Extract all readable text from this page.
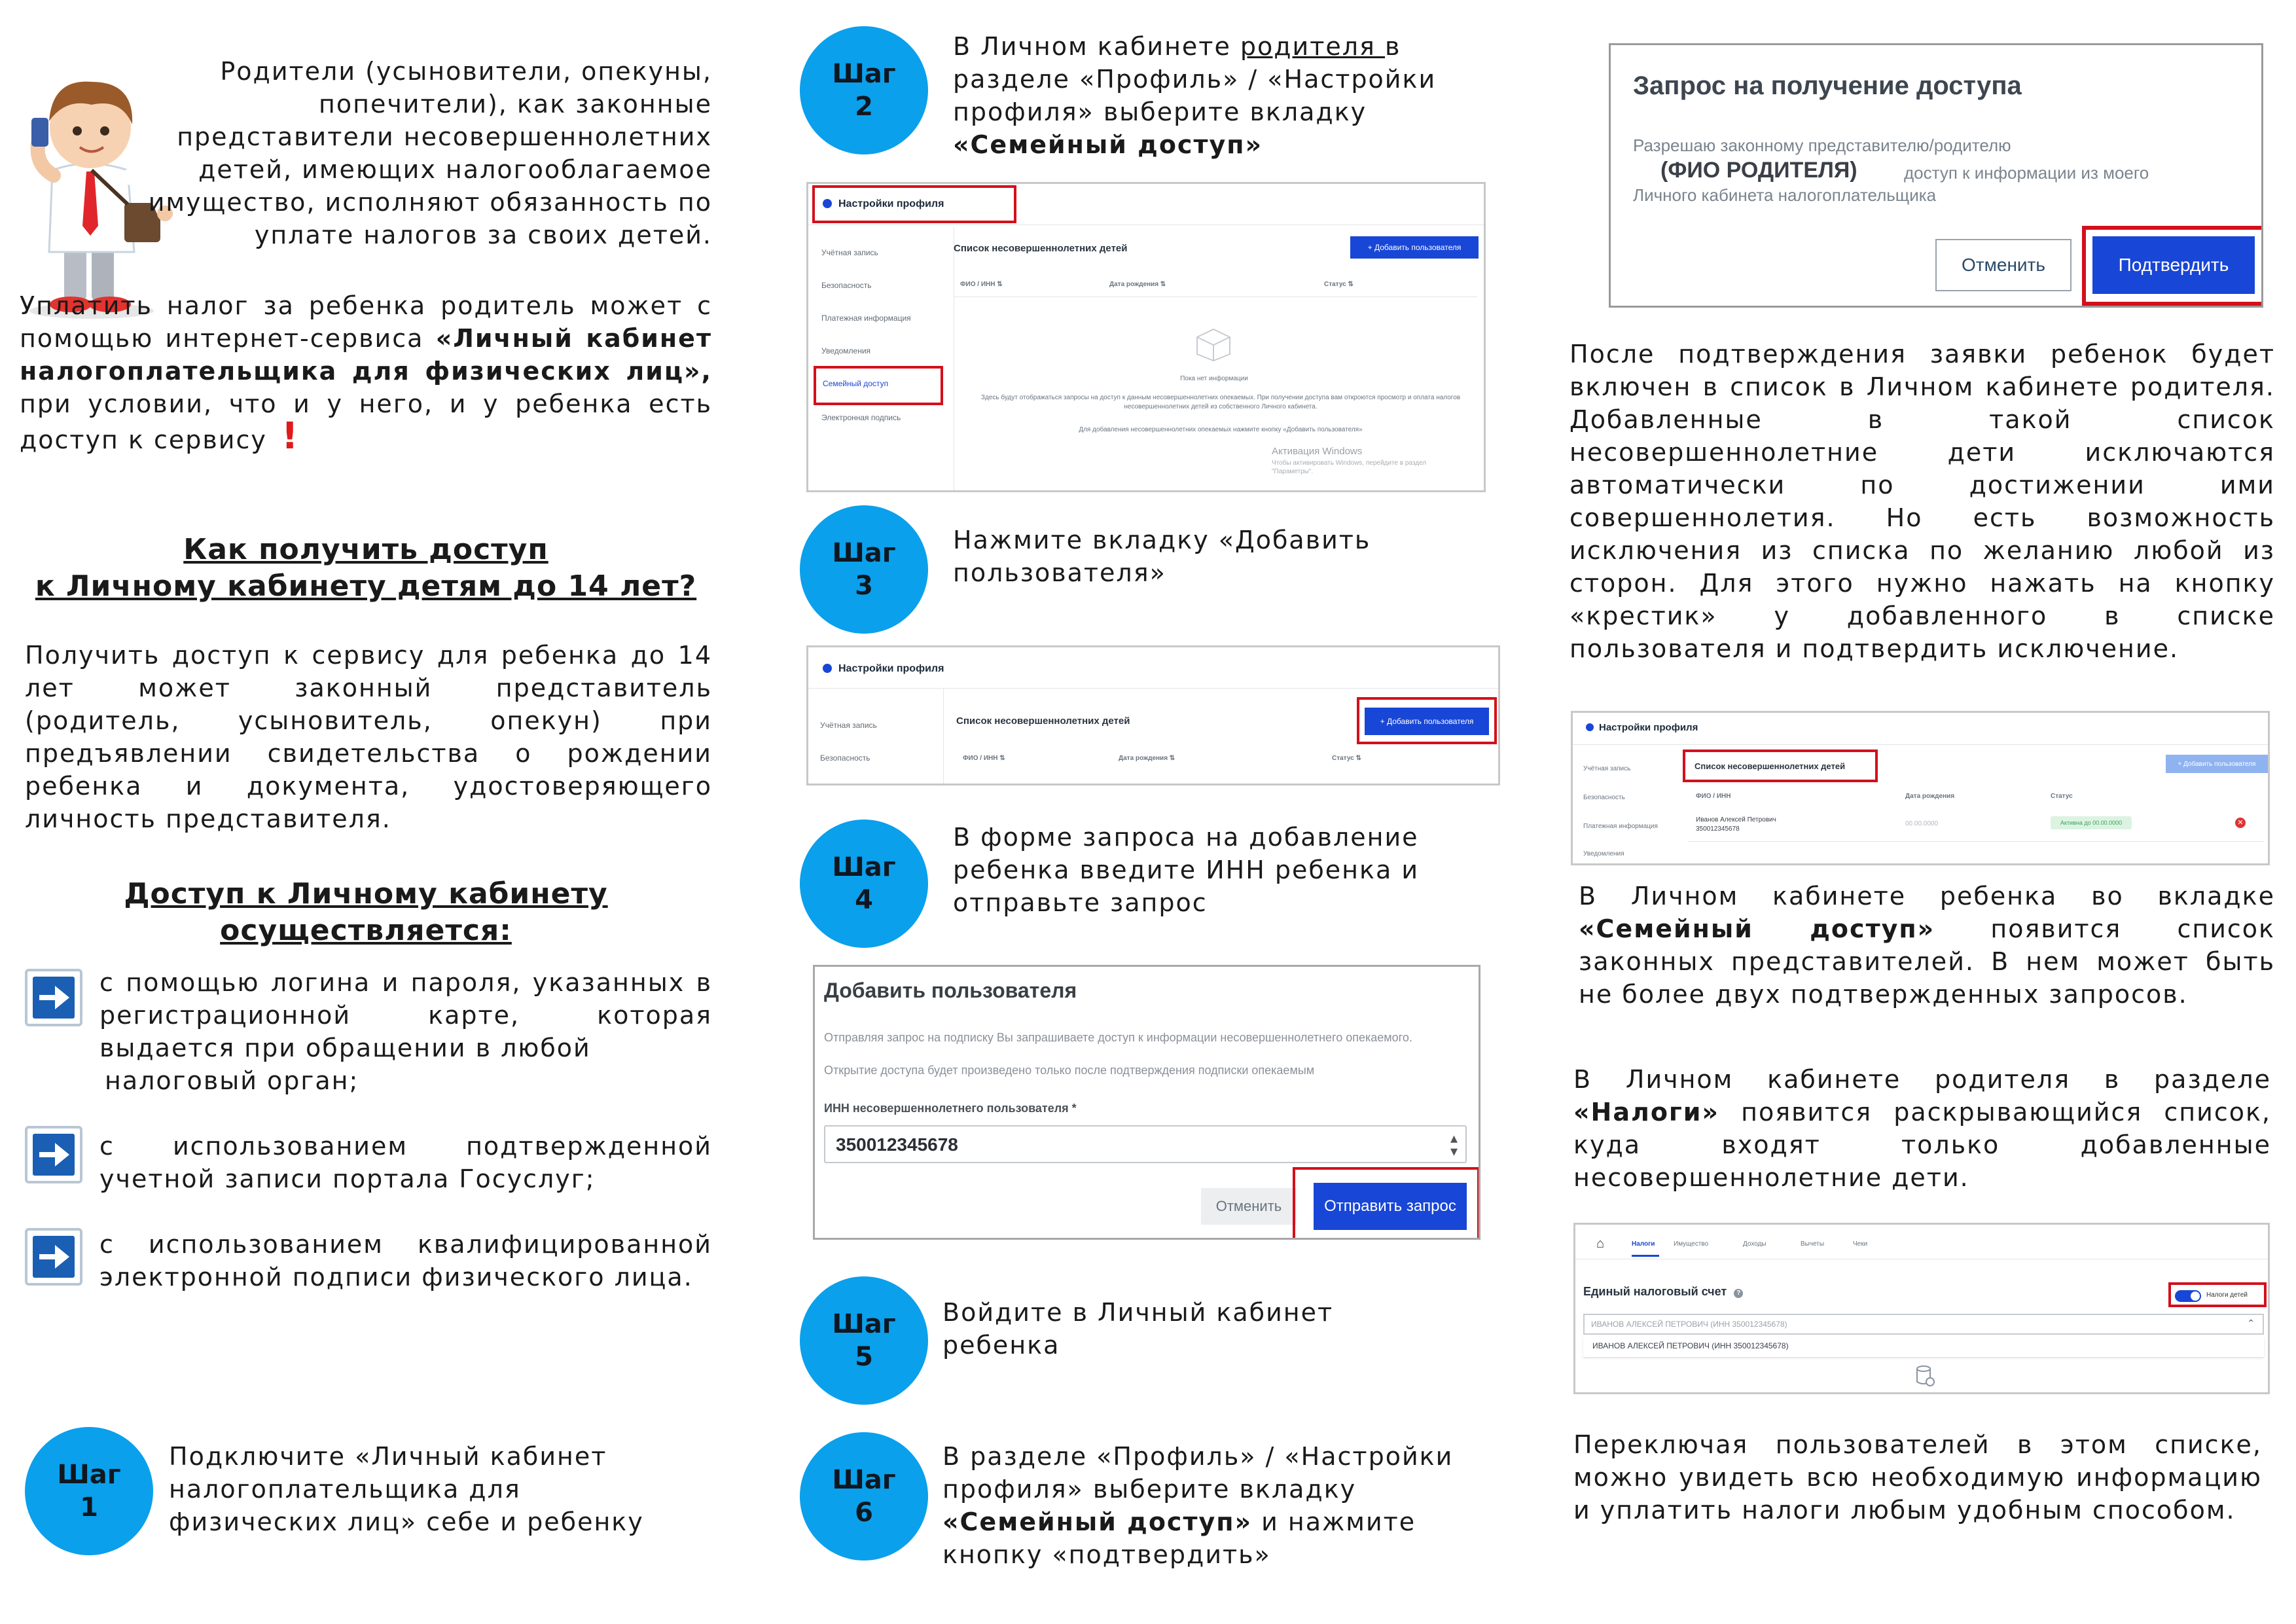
Родители (усыновители, опекуны, попечители), как законные представители несовершеннолетних детей, имеющих налогооблагаемое имущество, исполняют обязанность по уплате налогов за своих детей.
Уплатить налог за ребенка родитель может с помощью интернет-сервиса «Личный кабинет налогоплательщика для физических лиц», при условии, что и у него, и у ребенка есть доступ к сервису !
Как получить доступ
к Личному кабинету детям до 14 лет?
Получить доступ к сервису для ребенка до 14 лет может законный представитель (родитель, усыновитель, опекун) при предъявлении свидетельства о рождении ребенка и документа, удостоверяющего личность представителя.
Доступ к Личному кабинету
осуществляется:
с помощью логина и пароля, указанных в регистрационной карте, которая выдается при обращении в любой
налоговый орган;
с использованием подтвержденной учетной записи портала Госуслуг;
с использованием квалифицированной электронной подписи физического лица.
Шаг
1
Подключите «Личный кабинет налогоплательщика для физических лиц» себе и ребенку
Шаг
2
В Личном кабинете родителя в разделе «Профиль» / «Настройки профиля» выберите вкладку «Семейный доступ»
Настройки профиля
Учётная запись
Безопасность
Платежная информация
Уведомления
Семейный доступ
Электронная подпись
Список несовершеннолетних детей	+ Добавить пользователя
ФИО / ИНН ⇅	Дата рождения ⇅	Статус ⇅
Пока нет информации
Здесь будут отображаться запросы на доступ к данным несовершеннолетних опекаемых. При получении доступа вам откроются просмотр и оплата налогов несовершеннолетних детей из собственного Личного кабинета.
Для добавления несовершеннолетних опекаемых нажмите кнопку «Добавить пользователя»
Активация Windows
Чтобы активировать Windows, перейдите в раздел "Параметры".
Шаг
3
Нажмите вкладку «Добавить пользователя»
Настройки профиля
Учётная запись
Безопасность
Список несовершеннолетних детей	+ Добавить пользователя
ФИО / ИНН ⇅	Дата рождения ⇅	Статус ⇅
Шаг
4
В форме запроса на добавление ребенка введите ИНН ребенка и отправьте запрос
Добавить пользователя
Отправляя запрос на подписку Вы запрашиваете доступ к информации несовершеннолетнего опекаемого.
Открытие доступа будет произведено только после подтверждения подписки опекаемым
ИНН несовершеннолетнего пользователя *
350012345678	▴
▾
Отменить	Отправить запрос
Шаг
5
Войдите в Личный кабинет ребенка
Шаг
6
В разделе «Профиль» / «Настройки профиля» выберите вкладку «Семейный доступ» и нажмите кнопку «подтвердить»
Запрос на получение доступа
Разрешаю законному представителю/родителю
(ФИО РОДИТЕЛЯ)	доступ к информации из моего
Личного кабинета налогоплательщика
Отменить	Подтвердить
После подтверждения заявки ребенок будет включен в список в Личном кабинете родителя. Добавленные в такой список несовершеннолетние дети исключаются автоматически по достижении ими совершеннолетия. Но есть возможность исключения из списка по желанию любой из сторон. Для этого нужно нажать на кнопку «крестик» у добавленного в списке пользователя и подтвердить исключение.
Настройки профиля
Учётная запись
Безопасность
Платежная информация
Уведомления
Список несовершеннолетних детей	+ Добавить пользователя
ФИО / ИНН	Дата рождения	Статус
Иванов Алексей Петрович
350012345678
00.00.0000	Активна до 00.00.0000	✕
В Личном кабинете ребенка во вкладке «Семейный доступ» появится список законных представителей. В нем может быть не более двух подтвержденных запросов.
В Личном кабинете родителя в разделе «Налоги» появится раскрывающийся список, куда входят только добавленные несовершеннолетние дети.
⌂	Налоги	Имущество	Доходы	Вычеты	Чеки
Единый налоговый счет ?	Налоги детей
ИВАНОВ АЛЕКСЕЙ ПЕТРОВИЧ (ИНН 350012345678)	⌃
ИВАНОВ АЛЕКСЕЙ ПЕТРОВИЧ (ИНН 350012345678)
Переключая пользователей в этом списке, можно увидеть всю необходимую информацию и уплатить налоги любым удобным способом.
